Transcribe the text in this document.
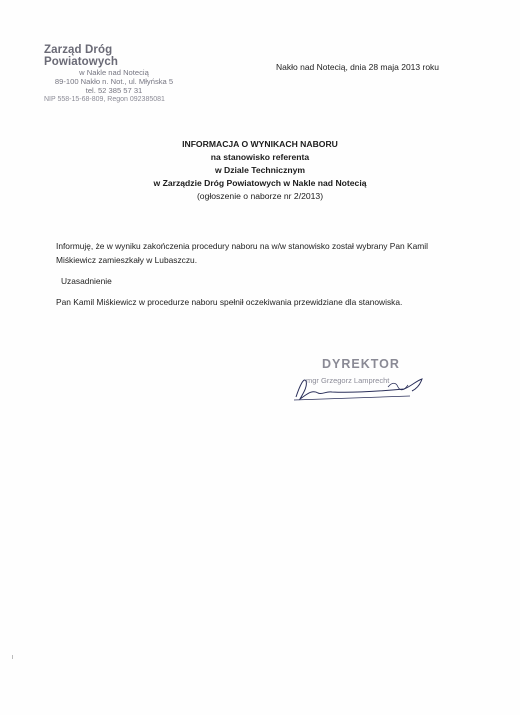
Zarząd Dróg Powiatowych
w Nakle nad Notecią
89-100 Nakło n. Not., ul. Młyńska 5
tel. 52 385 57 31
NIP 558-15-68-809, Regon 092385081
Nakło nad Notecią, dnia 28 maja 2013 roku
INFORMACJA O WYNIKACH NABORU
na stanowisko referenta
w Dziale Technicznym
w Zarządzie Dróg Powiatowych w Nakle nad Notecią
(ogłoszenie o naborze nr 2/2013)
Informuję, że w wyniku zakończenia procedury naboru na w/w stanowisko został wybrany Pan Kamil Miśkiewicz zamieszkały w Lubaszczu.
Uzasadnienie
Pan Kamil Miśkiewicz w procedurze naboru spełnił oczekiwania przewidziane dla stanowiska.
DYREKTOR
mgr Grzegorz Lamprecht
